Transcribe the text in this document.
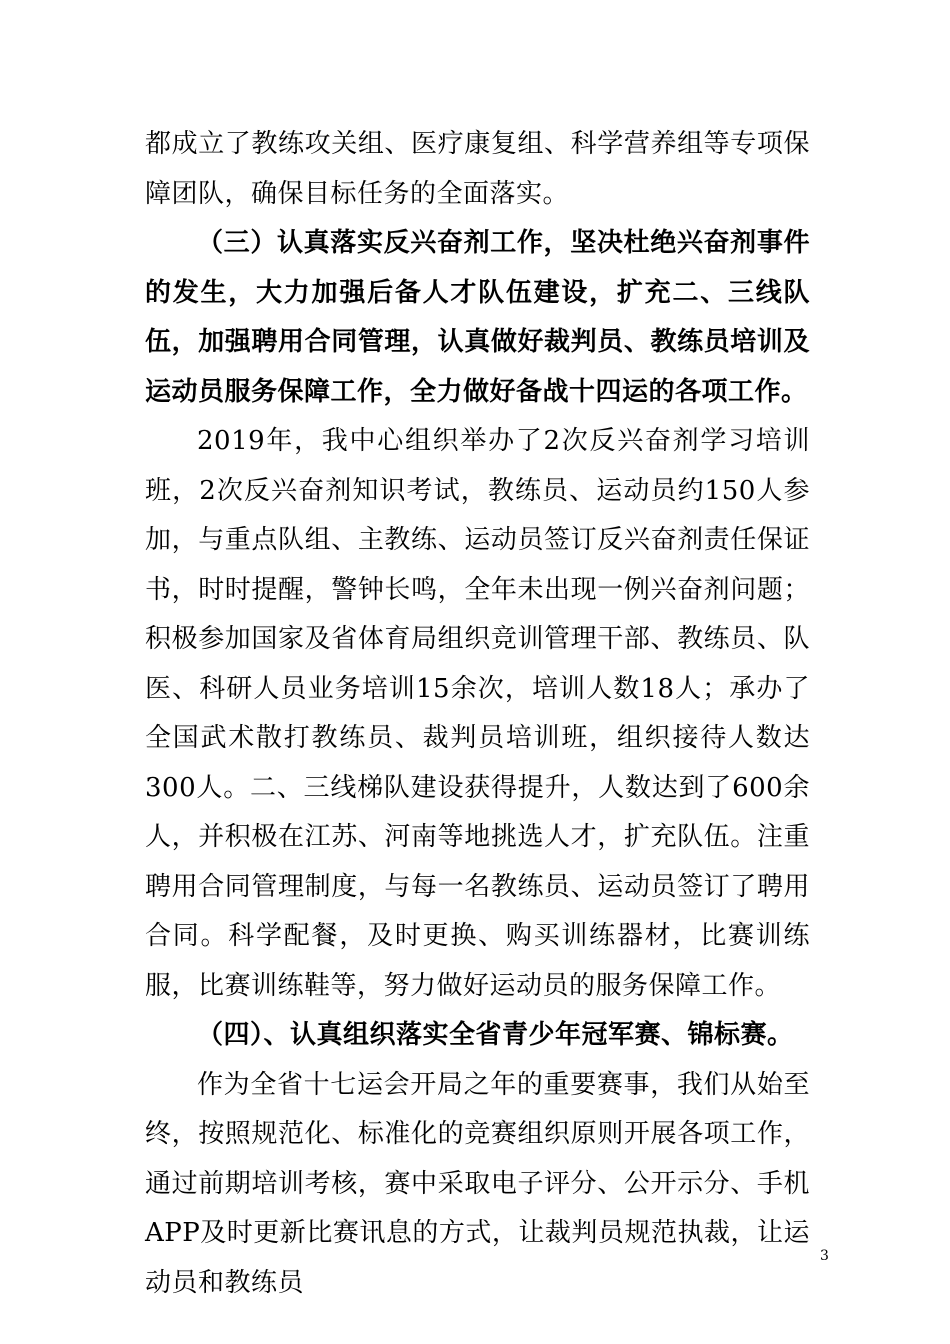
都成立了教练攻关组、医疗康复组、科学营养组等专项保障团队，确保目标任务的全面落实。

（三）认真落实反兴奋剂工作，坚决杜绝兴奋剂事件的发生，大力加强后备人才队伍建设，扩充二、三线队伍，加强聘用合同管理，认真做好裁判员、教练员培训及运动员服务保障工作，全力做好备战十四运的各项工作。

2019年，我中心组织举办了2次反兴奋剂学习培训班，2次反兴奋剂知识考试，教练员、运动员约150人参加，与重点队组、主教练、运动员签订反兴奋剂责任保证书，时时提醒，警钟长鸣，全年未出现一例兴奋剂问题；积极参加国家及省体育局组织竞训管理干部、教练员、队医、科研人员业务培训15余次，培训人数18人；承办了全国武术散打教练员、裁判员培训班，组织接待人数达300人。二、三线梯队建设获得提升，人数达到了600余人，并积极在江苏、河南等地挑选人才，扩充队伍。注重聘用合同管理制度，与每一名教练员、运动员签订了聘用合同。科学配餐，及时更换、购买训练器材，比赛训练服，比赛训练鞋等，努力做好运动员的服务保障工作。

（四）、认真组织落实全省青少年冠军赛、锦标赛。

作为全省十七运会开局之年的重要赛事，我们从始至终，按照规范化、标准化的竞赛组织原则开展各项工作，通过前期培训考核，赛中采取电子评分、公开示分、手机APP及时更新比赛讯息的方式，让裁判员规范执裁，让运动员和教练员

3
